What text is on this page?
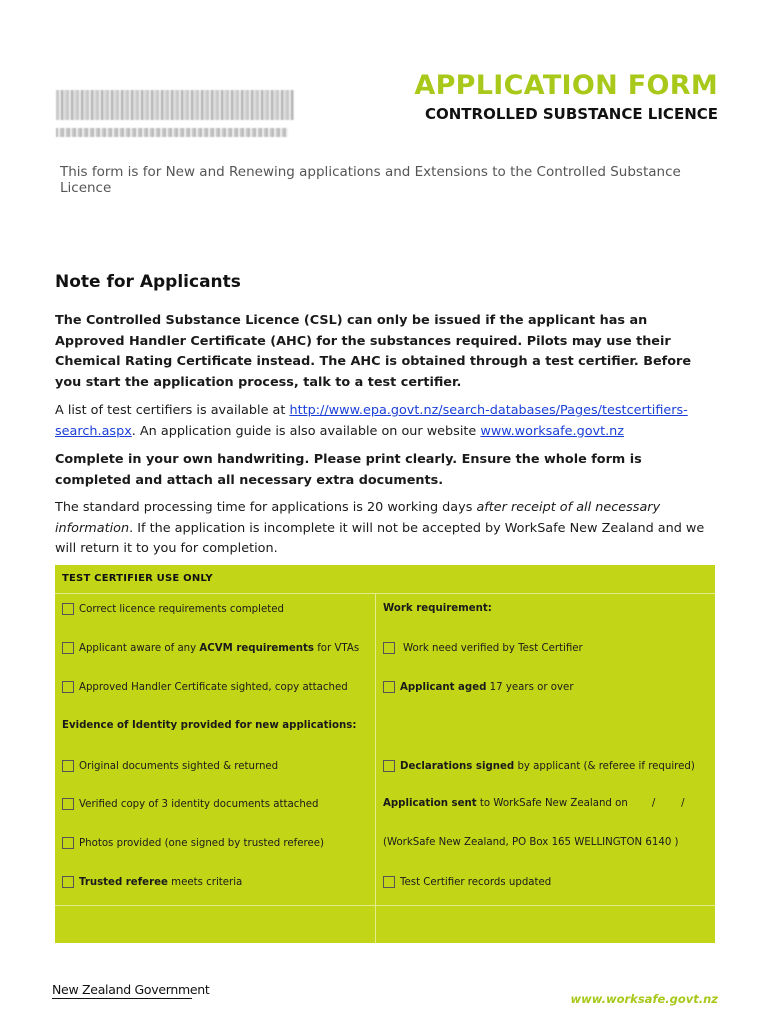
APPLICATION FORM
CONTROLLED SUBSTANCE LICENCE

This form is for New and Renewing applications and Extensions to the Controlled Substance Licence

Note for Applicants

The Controlled Substance Licence (CSL) can only be issued if the applicant has an Approved Handler Certificate (AHC) for the substances required. Pilots may use their Chemical Rating Certificate instead. The AHC is obtained through a test certifier. Before you start the application process, talk to a test certifier.

A list of test certifiers is available at http://www.epa.govt.nz/search-databases/Pages/testcertifiers-search.aspx. An application guide is also available on our website www.worksafe.govt.nz

Complete in your own handwriting. Please print clearly. Ensure the whole form is completed and attach all necessary extra documents.

The standard processing time for applications is 20 working days after receipt of all necessary information. If the application is incomplete it will not be accepted by WorkSafe New Zealand and we will return it to you for completion.

TEST CERTIFIER USE ONLY
Correct licence requirements completed	Work requirement:
Applicant aware of any
ACVM requirements
for VTAs	Work need verified by Test Certifier
Approved Handler Certificate sighted, copy attached	Applicant aged
17 years or over
Evidence of Identity provided for new applications:
Original documents sighted & returned	Declarations signed
by applicant (& referee if required)
Verified copy of 3 identity documents attached	Application sent
to WorkSafe New Zealand on /        /
Photos provided (one signed by trusted referee)	(WorkSafe New Zealand, PO Box 165 WELLINGTON 6140 )
Trusted referee
meets criteria	Test Certifier records updated
New Zealand Government
www.worksafe.govt.nz
